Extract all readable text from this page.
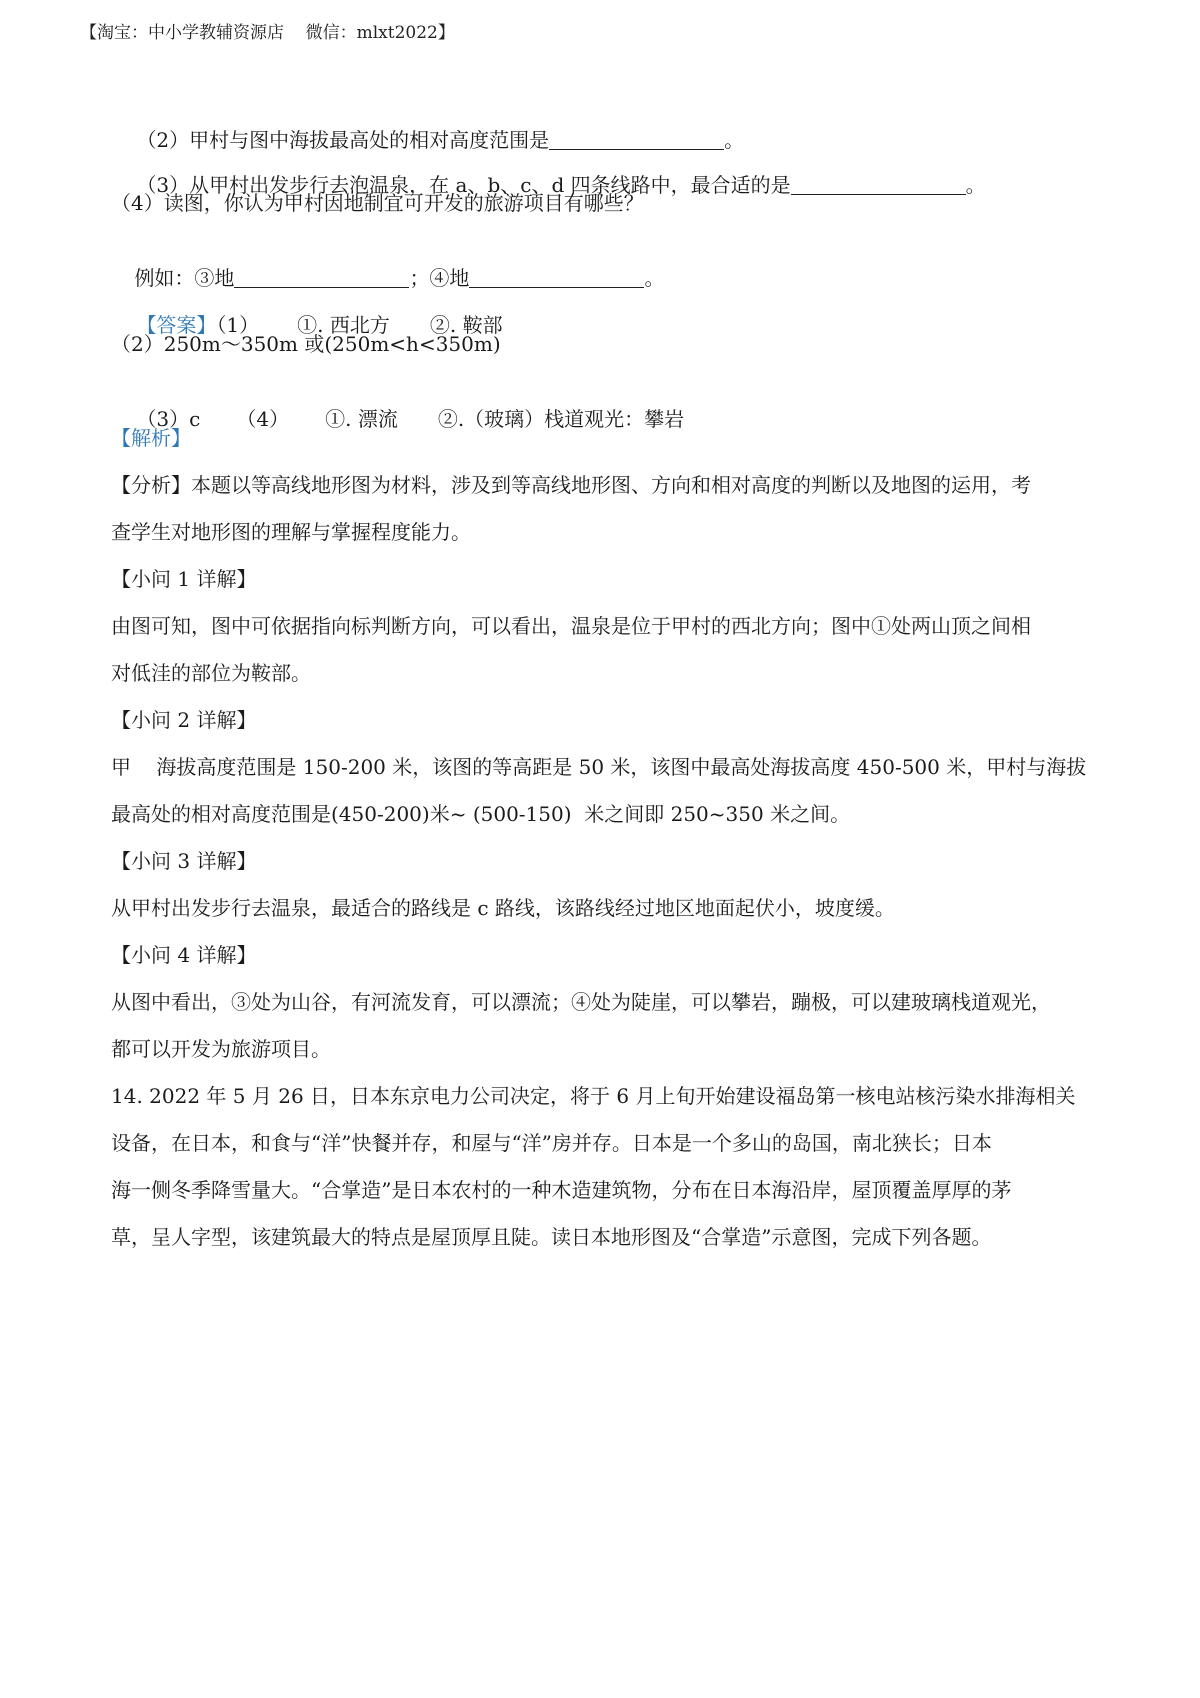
【淘宝：中小学教辅资源店    微信：mlxt2022】

（2）甲村与图中海拔最高处的相对高度范围是	。

（3）从甲村出发步行去泡温泉，在 a、b、c、d 四条线路中，最合适的是	。

（4）读图，你认为甲村因地制宜可开发的旅游项目有哪些？

例如：③地	；④地	。

【答案】（1） ①. 西北方 ②. 鞍部

（2）250m～350m 或(250m<h<350m)

（3）c （4） ①. 漂流 ②.（玻璃）栈道观光：攀岩

【解析】
【分析】本题以等高线地形图为材料，涉及到等高线地形图、方向和相对高度的判断以及地图的运用，考
查学生对地形图的理解与掌握程度能力。
【小问 1 详解】
由图可知，图中可依据指向标判断方向，可以看出，温泉是位于甲村的西北方向；图中①处两山顶之间相
对低洼的部位为鞍部。
【小问 2 详解】
甲    海拔高度范围是 150-200 米，该图的等高距是 50 米，该图中最高处海拔高度 450-500 米，甲村与海拔
最高处的相对高度范围是(450-200)米~ (500-150)  米之间即 250~350 米之间。
【小问 3 详解】
从甲村出发步行去温泉，最适合的路线是 c 路线，该路线经过地区地面起伏小，坡度缓。
【小问 4 详解】
从图中看出，③处为山谷，有河流发育，可以漂流；④处为陡崖，可以攀岩，蹦极，可以建玻璃栈道观光，
都可以开发为旅游项目。
14. 2022 年 5 月 26 日，日本东京电力公司决定，将于 6 月上旬开始建设福岛第一核电站核污染水排海相关
设备，在日本，和食与“洋”快餐并存，和屋与“洋”房并存。日本是一个多山的岛国，南北狭长；日本
海一侧冬季降雪量大。“合掌造”是日本农村的一种木造建筑物，分布在日本海沿岸，屋顶覆盖厚厚的茅
草，呈人字型，该建筑最大的特点是屋顶厚且陡。读日本地形图及“合掌造”示意图，完成下列各题。
